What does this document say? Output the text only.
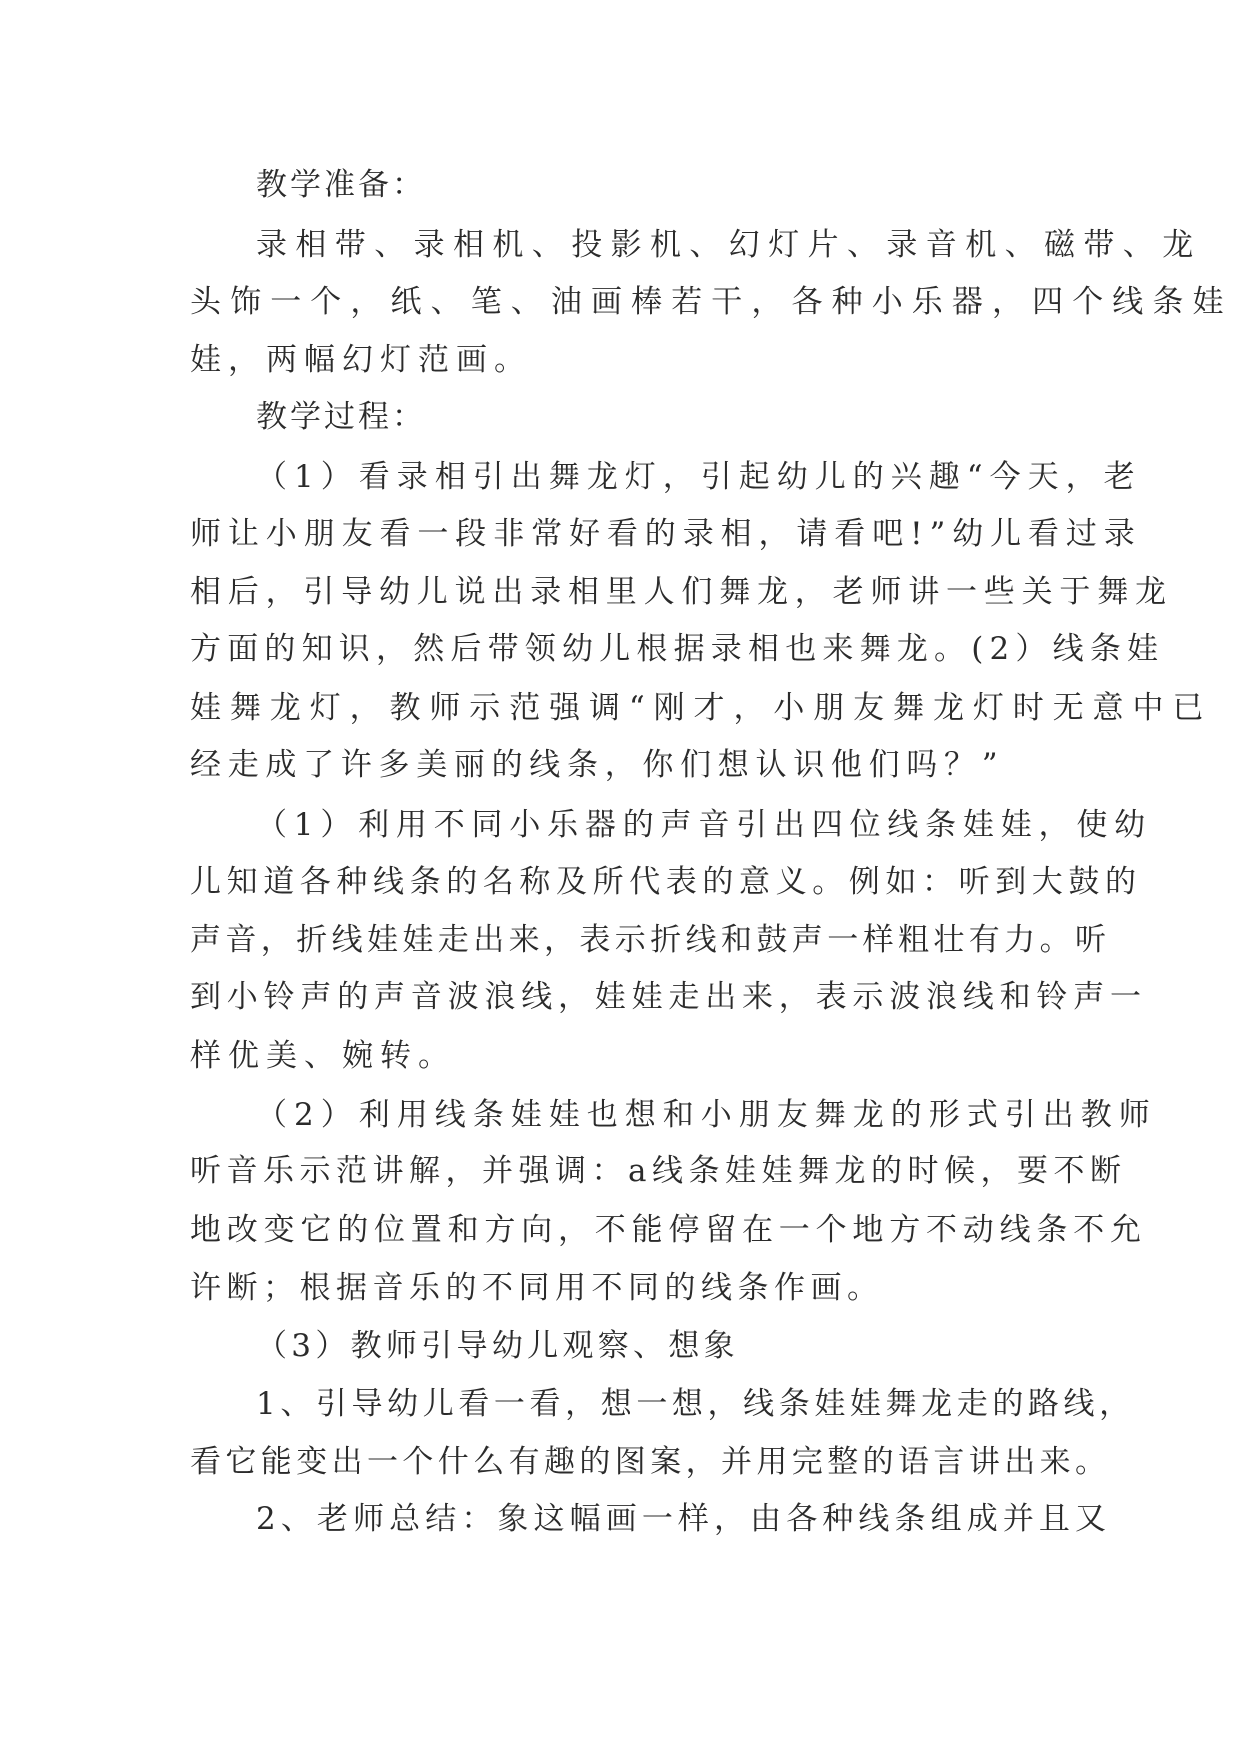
教学准备：
录相带、录相机、投影机、幻灯片、录音机、磁带、龙
头饰一个，纸、笔、油画棒若干，各种小乐器，四个线条娃
娃，两幅幻灯范画。
教学过程：
（1）看录相引出舞龙灯，引起幼儿的兴趣“今天，老
师让小朋友看一段非常好看的录相，请看吧!”幼儿看过录
相后，引导幼儿说出录相里人们舞龙，老师讲一些关于舞龙
方面的知识，然后带领幼儿根据录相也来舞龙。(2）线条娃
娃舞龙灯，教师示范强调“刚才，小朋友舞龙灯时无意中已
经走成了许多美丽的线条，你们想认识他们吗？”
（1）利用不同小乐器的声音引出四位线条娃娃，使幼
儿知道各种线条的名称及所代表的意义。例如：听到大鼓的
声音，折线娃娃走出来，表示折线和鼓声一样粗壮有力。听
到小铃声的声音波浪线，娃娃走出来，表示波浪线和铃声一
样优美、婉转。
（2）利用线条娃娃也想和小朋友舞龙的形式引出教师
听音乐示范讲解，并强调：a线条娃娃舞龙的时候，要不断
地改变它的位置和方向，不能停留在一个地方不动线条不允
许断；根据音乐的不同用不同的线条作画。
（3）教师引导幼儿观察、想象
1、引导幼儿看一看，想一想，线条娃娃舞龙走的路线，
看它能变出一个什么有趣的图案，并用完整的语言讲出来。
2、老师总结：象这幅画一样，由各种线条组成并且又
